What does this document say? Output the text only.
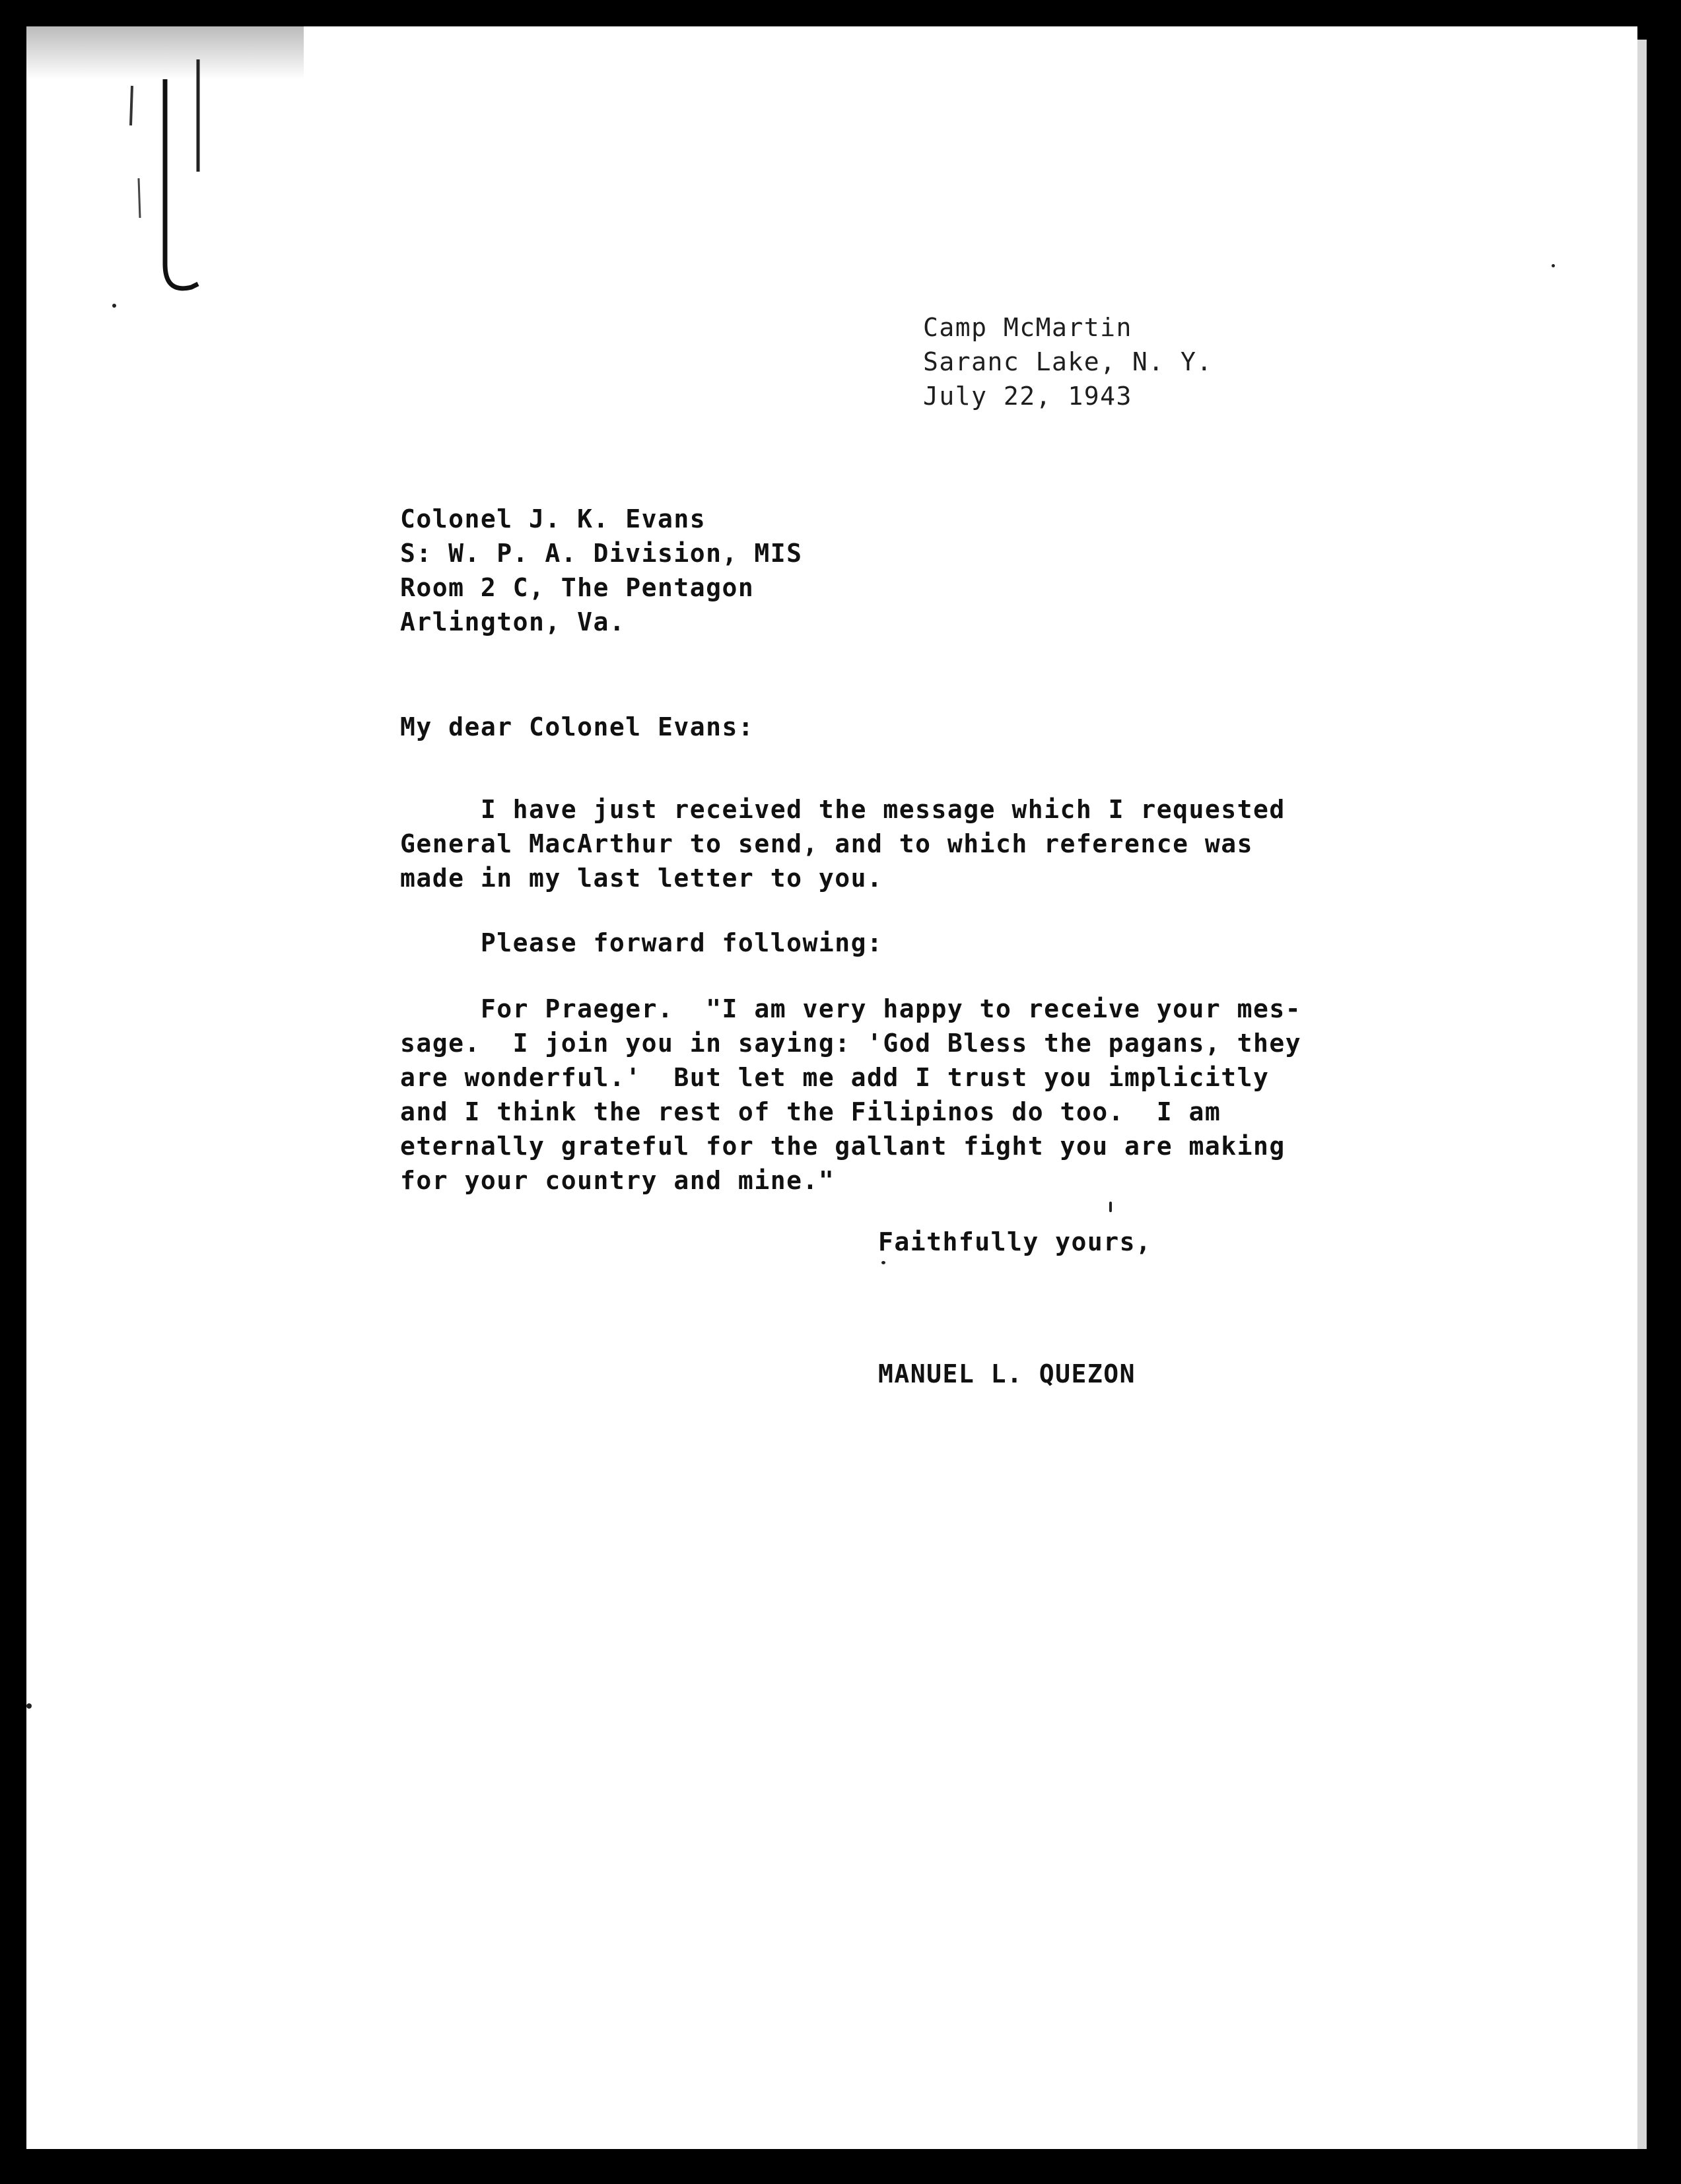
Camp McMartin

Saranc Lake, N. Y.

July 22, 1943

Colonel J. K. Evans

S: W. P. A. Division, MIS

Room 2 C, The Pentagon

Arlington, Va.

My dear Colonel Evans:

I have just received the message which I requested

General MacArthur to send, and to which reference was

made in my last letter to you.

Please forward following:

For Praeger.  "I am very happy to receive your mes-

sage.  I join you in saying: 'God Bless the pagans, they

are wonderful.'  But let me add I trust you implicitly

and I think the rest of the Filipinos do too.  I am

eternally grateful for the gallant fight you are making

for your country and mine."

Faithfully yours,

MANUEL L. QUEZON
